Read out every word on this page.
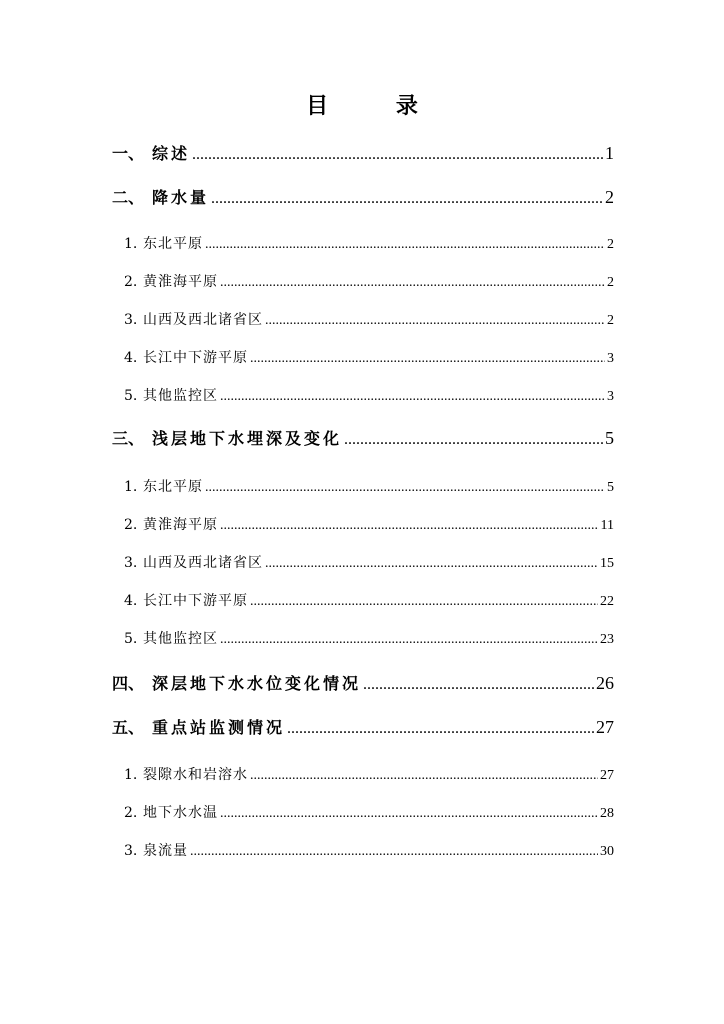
目 录
一、 综述 .....	1
二、 降水量 .....	2
1. 东北平原 .....	2
2. 黄淮海平原 .....	2
3. 山西及西北诸省区 .....	2
4. 长江中下游平原 .....	3
5. 其他监控区 .....	3
三、 浅层地下水埋深及变化 .....	5
1. 东北平原 .....	5
2. 黄淮海平原 .....	11
3. 山西及西北诸省区 .....	15
4. 长江中下游平原 .....	22
5. 其他监控区 .....	23
四、 深层地下水水位变化情况 .....	26
五、 重点站监测情况 .....	27
1. 裂隙水和岩溶水 .....	27
2. 地下水水温 .....	28
3. 泉流量 .....	30
